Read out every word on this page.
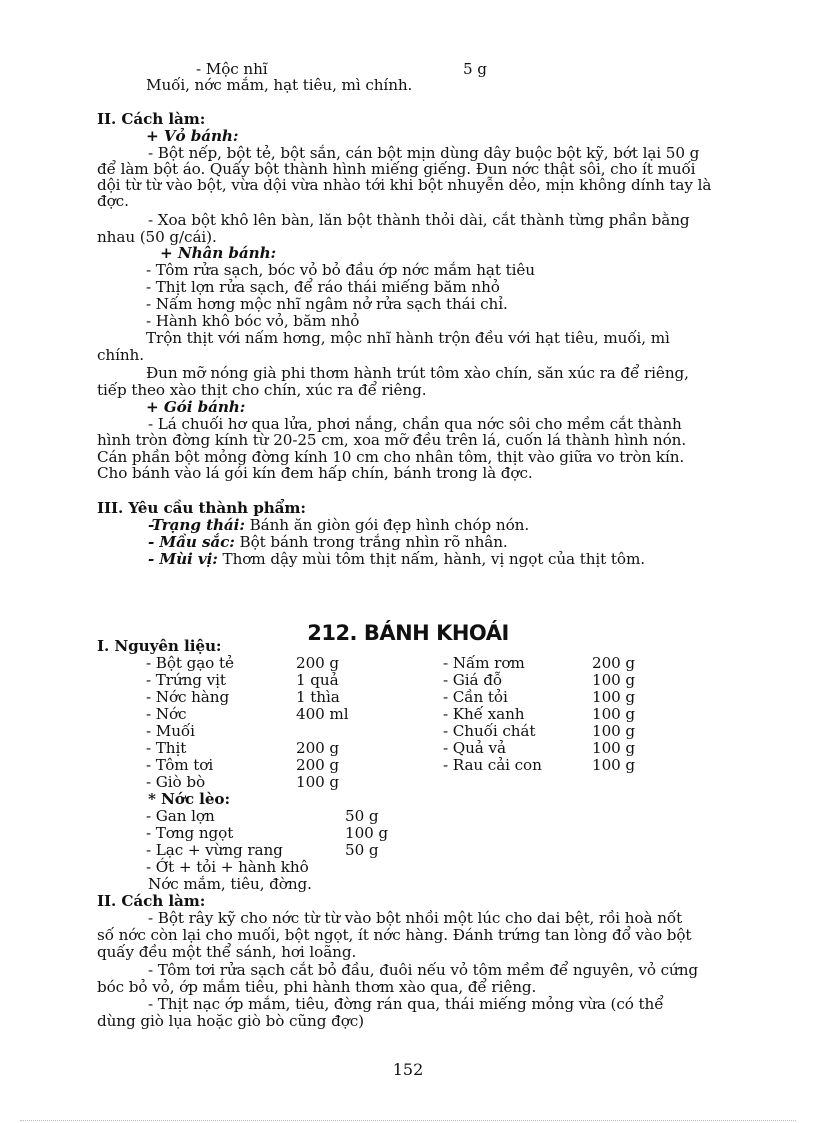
- Mộc nhĩ	5 g
Muối, nớc mắm, hạt tiêu, mì chính.
II. Cách làm:
+ Vỏ bánh:
- Bột nếp, bột tẻ, bột sắn, cán bột mịn dùng dây buộc bột kỹ, bớt lại 50 g
để làm bột áo. Quấy bột thành hình miếng giếng. Đun nớc thật sôi, cho ít muối
dội từ từ vào bột, vừa dội vừa nhào tới khi bột nhuyễn dẻo, mịn không dính tay là
đợc.
- Xoa bột khô lên bàn, lăn bột thành thỏi dài, cắt thành từng phần bằng
nhau (50 g/cái).
+ Nhân bánh:
- Tôm rửa sạch, bóc vỏ bỏ đầu ớp nớc mắm hạt tiêu
- Thịt lợn rửa sạch, để ráo thái miếng băm nhỏ
- Nấm hơng mộc nhĩ ngâm nở rửa sạch thái chỉ.
- Hành khô bóc vỏ, băm nhỏ
Trộn thịt với nấm hơng, mộc nhĩ hành trộn đều với hạt tiêu, muối, mì
chính.
Đun mỡ nóng già phi thơm hành trút tôm xào chín, săn xúc ra để riêng,
tiếp theo xào thịt cho chín, xúc ra để riêng.
+ Gói bánh:
- Lá chuối hơ qua lửa, phơi nắng, chần qua nớc sôi cho mềm cắt thành
hình tròn đờng kính từ 20-25 cm, xoa mỡ đều trên lá, cuốn lá thành hình nón.
Cán phần bột mỏng đờng kính 10 cm cho nhân tôm, thịt vào giữa vo tròn kín.
Cho bánh vào lá gói kín đem hấp chín, bánh trong là đợc.
III. Yêu cầu thành phẩm:
-Trạng thái: Bánh ăn giòn gói đẹp hình chóp nón.
- Mầu sắc: Bột bánh trong trắng nhìn rõ nhân.
- Mùi vị: Thơm dậy mùi tôm thịt nấm, hành, vị ngọt của thịt tôm.
212. BÁNH KHOÁI
I. Nguyên liệu:
- Bột gạo tẻ	200 g
- Trứng vịt	1 quả
- Nớc hàng	1 thìa
- Nớc	400 ml
- Muối
- Thịt	200 g
- Tôm tơi	200 g
- Giò bò	100 g
- Nấm rơm	200 g
- Giá đỗ	100 g
- Cần tỏi	100 g
- Khế xanh	100 g
- Chuối chát	100 g
- Quả vả	100 g
- Rau cải con	100 g
* Nớc lèo:
- Gan lợn	50 g
- Tơng ngọt	100 g
- Lạc + vừng rang	50 g
- Ớt + tỏi + hành khô
Nớc mắm, tiêu, đờng.
II. Cách làm:
- Bột rây kỹ cho nớc từ từ vào bột nhồi một lúc cho dai bệt, rồi hoà nốt
số nớc còn lại cho muối, bột ngọt, ít nớc hàng. Đánh trứng tan lòng đổ vào bột
quấy đều một thể sánh, hơi loãng.
- Tôm tơi rửa sạch cắt bỏ đầu, đuôi nếu vỏ tôm mềm để nguyên, vỏ cứng
bóc bỏ vỏ, ớp mắm tiêu, phi hành thơm xào qua, để riêng.
- Thịt nạc ớp mắm, tiêu, đờng rán qua, thái miếng mỏng vừa (có thể
dùng giò lụa hoặc giò bò cũng đợc)
152
